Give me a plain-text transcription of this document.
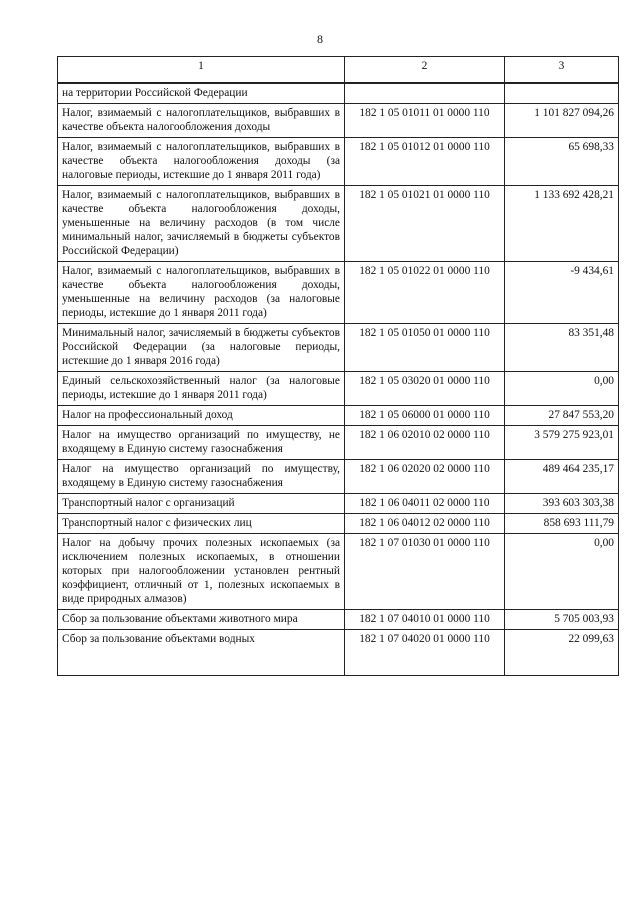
8
1	2	3
на территории Российской Федерации		
Налог, взимаемый с налогоплательщиков, выбравших в качестве объекта налогообложения доходы	182 1 05 01011 01 0000 110	1 101 827 094,26
Налог, взимаемый с налогоплательщиков, выбравших в качестве объекта налогообложения доходы (за налоговые периоды, истекшие до 1 января 2011 года)	182 1 05 01012 01 0000 110	65 698,33
Налог, взимаемый с налогоплательщиков, выбравших в качестве объекта налогообложения доходы, уменьшенные на величину расходов (в том числе минимальный налог, зачисляемый в бюджеты субъектов Российской Федерации)	182 1 05 01021 01 0000 110	1 133 692 428,21
Налог, взимаемый с налогоплательщиков, выбравших в качестве объекта налогообложения доходы, уменьшенные на величину расходов (за налоговые периоды, истекшие до 1 января 2011 года)	182 1 05 01022 01 0000 110	-9 434,61
Минимальный налог, зачисляемый в бюджеты субъектов Российской Федерации (за налоговые периоды, истекшие до 1 января 2016 года)	182 1 05 01050 01 0000 110	83 351,48
Единый сельскохозяйственный налог (за налоговые периоды, истекшие до 1 января 2011 года)	182 1 05 03020 01 0000 110	0,00
Налог на профессиональный доход	182 1 05 06000 01 0000 110	27 847 553,20
Налог на имущество организаций по имуществу, не входящему в Единую систему газоснабжения	182 1 06 02010 02 0000 110	3 579 275 923,01
Налог на имущество организаций по имуществу, входящему в Единую систему газоснабжения	182 1 06 02020 02 0000 110	489 464 235,17
Транспортный налог с организаций	182 1 06 04011 02 0000 110	393 603 303,38
Транспортный налог с физических лиц	182 1 06 04012 02 0000 110	858 693 111,79
Налог на добычу прочих полезных ископаемых (за исключением полезных ископаемых, в отношении которых при налогообложении установлен рентный коэффициент, отличный от 1, полезных ископаемых в виде природных алмазов)	182 1 07 01030 01 0000 110	0,00
Сбор за пользование объектами животного мира	182 1 07 04010 01 0000 110	5 705 003,93
Сбор за пользование объектами водных	182 1 07 04020 01 0000 110	22 099,63
